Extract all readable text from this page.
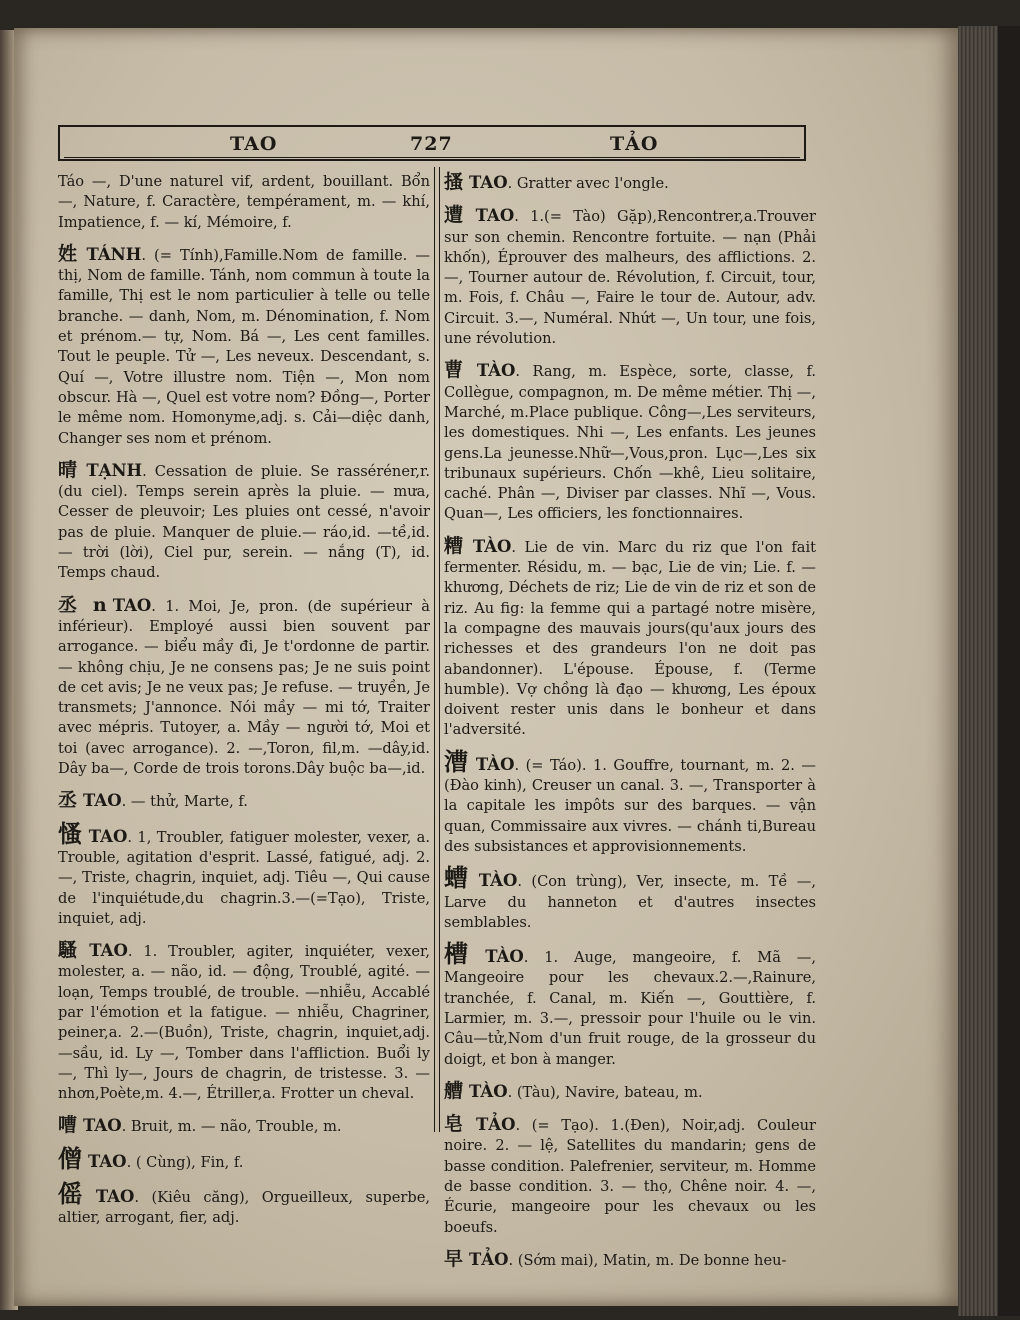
TAO	727	TẢO
Táo —, D'une naturel vif, ardent, bouillant. Bổn —, Nature, f. Caractère, tempérament, m. — khí, Impatience, f. — kí, Mémoire, f.
姓 TÁNH. (= Tính),Famille.Nom de famille. — thị, Nom de famille. Tánh, nom commun à toute la famille, Thị est le nom particulier à telle ou telle branche. — danh, Nom, m. Dénomination, f. Nom et prénom.— tự, Nom. Bá —, Les cent familles. Tout le peuple. Tử —, Les neveux. Descendant, s. Quí —, Votre illustre nom. Tiện —, Mon nom obscur. Hà —, Quel est votre nom? Đồng—, Porter le même nom. Homonyme,adj. s. Cải—diệc danh, Changer ses nom et prénom.
晴 TẠNH. Cessation de pluie. Se rasséréner,r. (du ciel). Temps serein après la pluie. — mưa, Cesser de pleuvoir; Les pluies ont cessé, n'avoir pas de pluie. Manquer de pluie.— ráo,id. —tề,id. — trời (lời), Ciel pur, serein. — nắng (T), id. Temps chaud.
丞 n TAO. 1. Moi, Je, pron. (de supérieur à inférieur). Employé aussi bien souvent par arrogance. — biểu mầy đi, Je t'ordonne de partir. — không chịu, Je ne consens pas; Je ne suis point de cet avis; Je ne veux pas; Je refuse. — truyền, Je transmets; J'annonce. Nói mầy — mi tớ, Traiter avec mépris. Tutoyer, a. Mầy — người tớ, Moi et toi (avec arrogance). 2. —,Toron, fil,m. —dây,id. Dây ba—, Corde de trois torons.Dây buộc ba—,id.
丞 TAO. — thử, Marte, f.
慅 TAO. 1, Troubler, fatiguer molester, vexer, a. Trouble, agitation d'esprit. Lassé, fatigué, adj. 2. —, Triste, chagrin, inquiet, adj. Tiêu —, Qui cause de l'inquiétude,du chagrin.3.—(=Tạo), Triste, inquiet, adj.
騷 TAO. 1. Troubler, agiter, inquiéter, vexer, molester, a. — não, id. — động, Troublé, agité. —loạn, Temps troublé, de trouble. —nhiễu, Accablé par l'émotion et la fatigue. — nhiễu, Chagriner, peiner,a. 2.—(Buồn), Triste, chagrin, inquiet,adj. —sầu, id. Ly —, Tomber dans l'affliction. Buổi ly —, Thì ly—, Jours de chagrin, de tristesse. 3. — nhơn,Poète,m. 4.—, Étriller,a. Frotter un cheval.
嘈 TAO. Bruit, m. — não, Trouble, m.
僧 TAO. ( Cùng), Fin, f.
傜 TAO. (Kiêu căng), Orgueilleux, superbe, altier, arrogant, fier, adj.
搔 TAO. Gratter avec l'ongle.
遭 TAO. 1.(= Tào) Gặp),Rencontrer,a.Trouver sur son chemin. Rencontre fortuite. — nạn (Phải khốn), Éprouver des malheurs, des afflictions. 2. —, Tourner autour de. Révolution, f. Circuit, tour, m. Fois, f. Châu —, Faire le tour de. Autour, adv. Circuit. 3.—, Numéral. Nhứt —, Un tour, une fois, une révolution.
曹 TÀO. Rang, m. Espèce, sorte, classe, f. Collègue, compagnon, m. De même métier. Thị —, Marché, m.Place publique. Công—,Les serviteurs, les domestiques. Nhi —, Les enfants. Les jeunes gens.La jeunesse.Nhữ—,Vous,pron. Lục—,Les six tribunaux supérieurs. Chốn —khê, Lieu solitaire, caché. Phân —, Diviser par classes. Nhĩ —, Vous. Quan—, Les officiers, les fonctionnaires.
糟 TÀO. Lie de vin. Marc du riz que l'on fait fermenter. Résidu, m. — bạc, Lie de vin; Lie. f. —khương, Déchets de riz; Lie de vin de riz et son de riz. Au fig: la femme qui a partagé notre misère, la compagne des mauvais jours(qu'aux jours des richesses et des grandeurs l'on ne doit pas abandonner). L'épouse. Épouse, f. (Terme humble). Vợ chồng là đạo — khương, Les époux doivent rester unis dans le bonheur et dans l'adversité.
漕 TÀO. (= Táo). 1. Gouffre, tournant, m. 2. — (Đào kinh), Creuser un canal. 3. —, Transporter à la capitale les impôts sur des barques. — vận quan, Commissaire aux vivres. — chánh ti,Bureau des subsistances et approvisionnements.
螬 TÀO. (Con trùng), Ver, insecte, m. Tề —, Larve du hanneton et d'autres insectes semblables.
槽 TÀO. 1. Auge, mangeoire, f. Mã —, Mangeoire pour les chevaux.2.—,Rainure, tranchée, f. Canal, m. Kiến —, Gouttière, f. Larmier, m. 3.—, pressoir pour l'huile ou le vin. Câu—tử,Nom d'un fruit rouge, de la grosseur du doigt, et bon à manger.
艚 TÀO. (Tàu), Navire, bateau, m.
皂 TẢO. (= Tạo). 1.(Đen), Noir,adj. Couleur noire. 2. — lệ, Satellites du mandarin; gens de basse condition. Palefrenier, serviteur, m. Homme de basse condition. 3. — thọ, Chêne noir. 4. —, Écurie, mangeoire pour les chevaux ou les boeufs.
早 TẢO. (Sớm mai), Matin, m. De bonne heu-
